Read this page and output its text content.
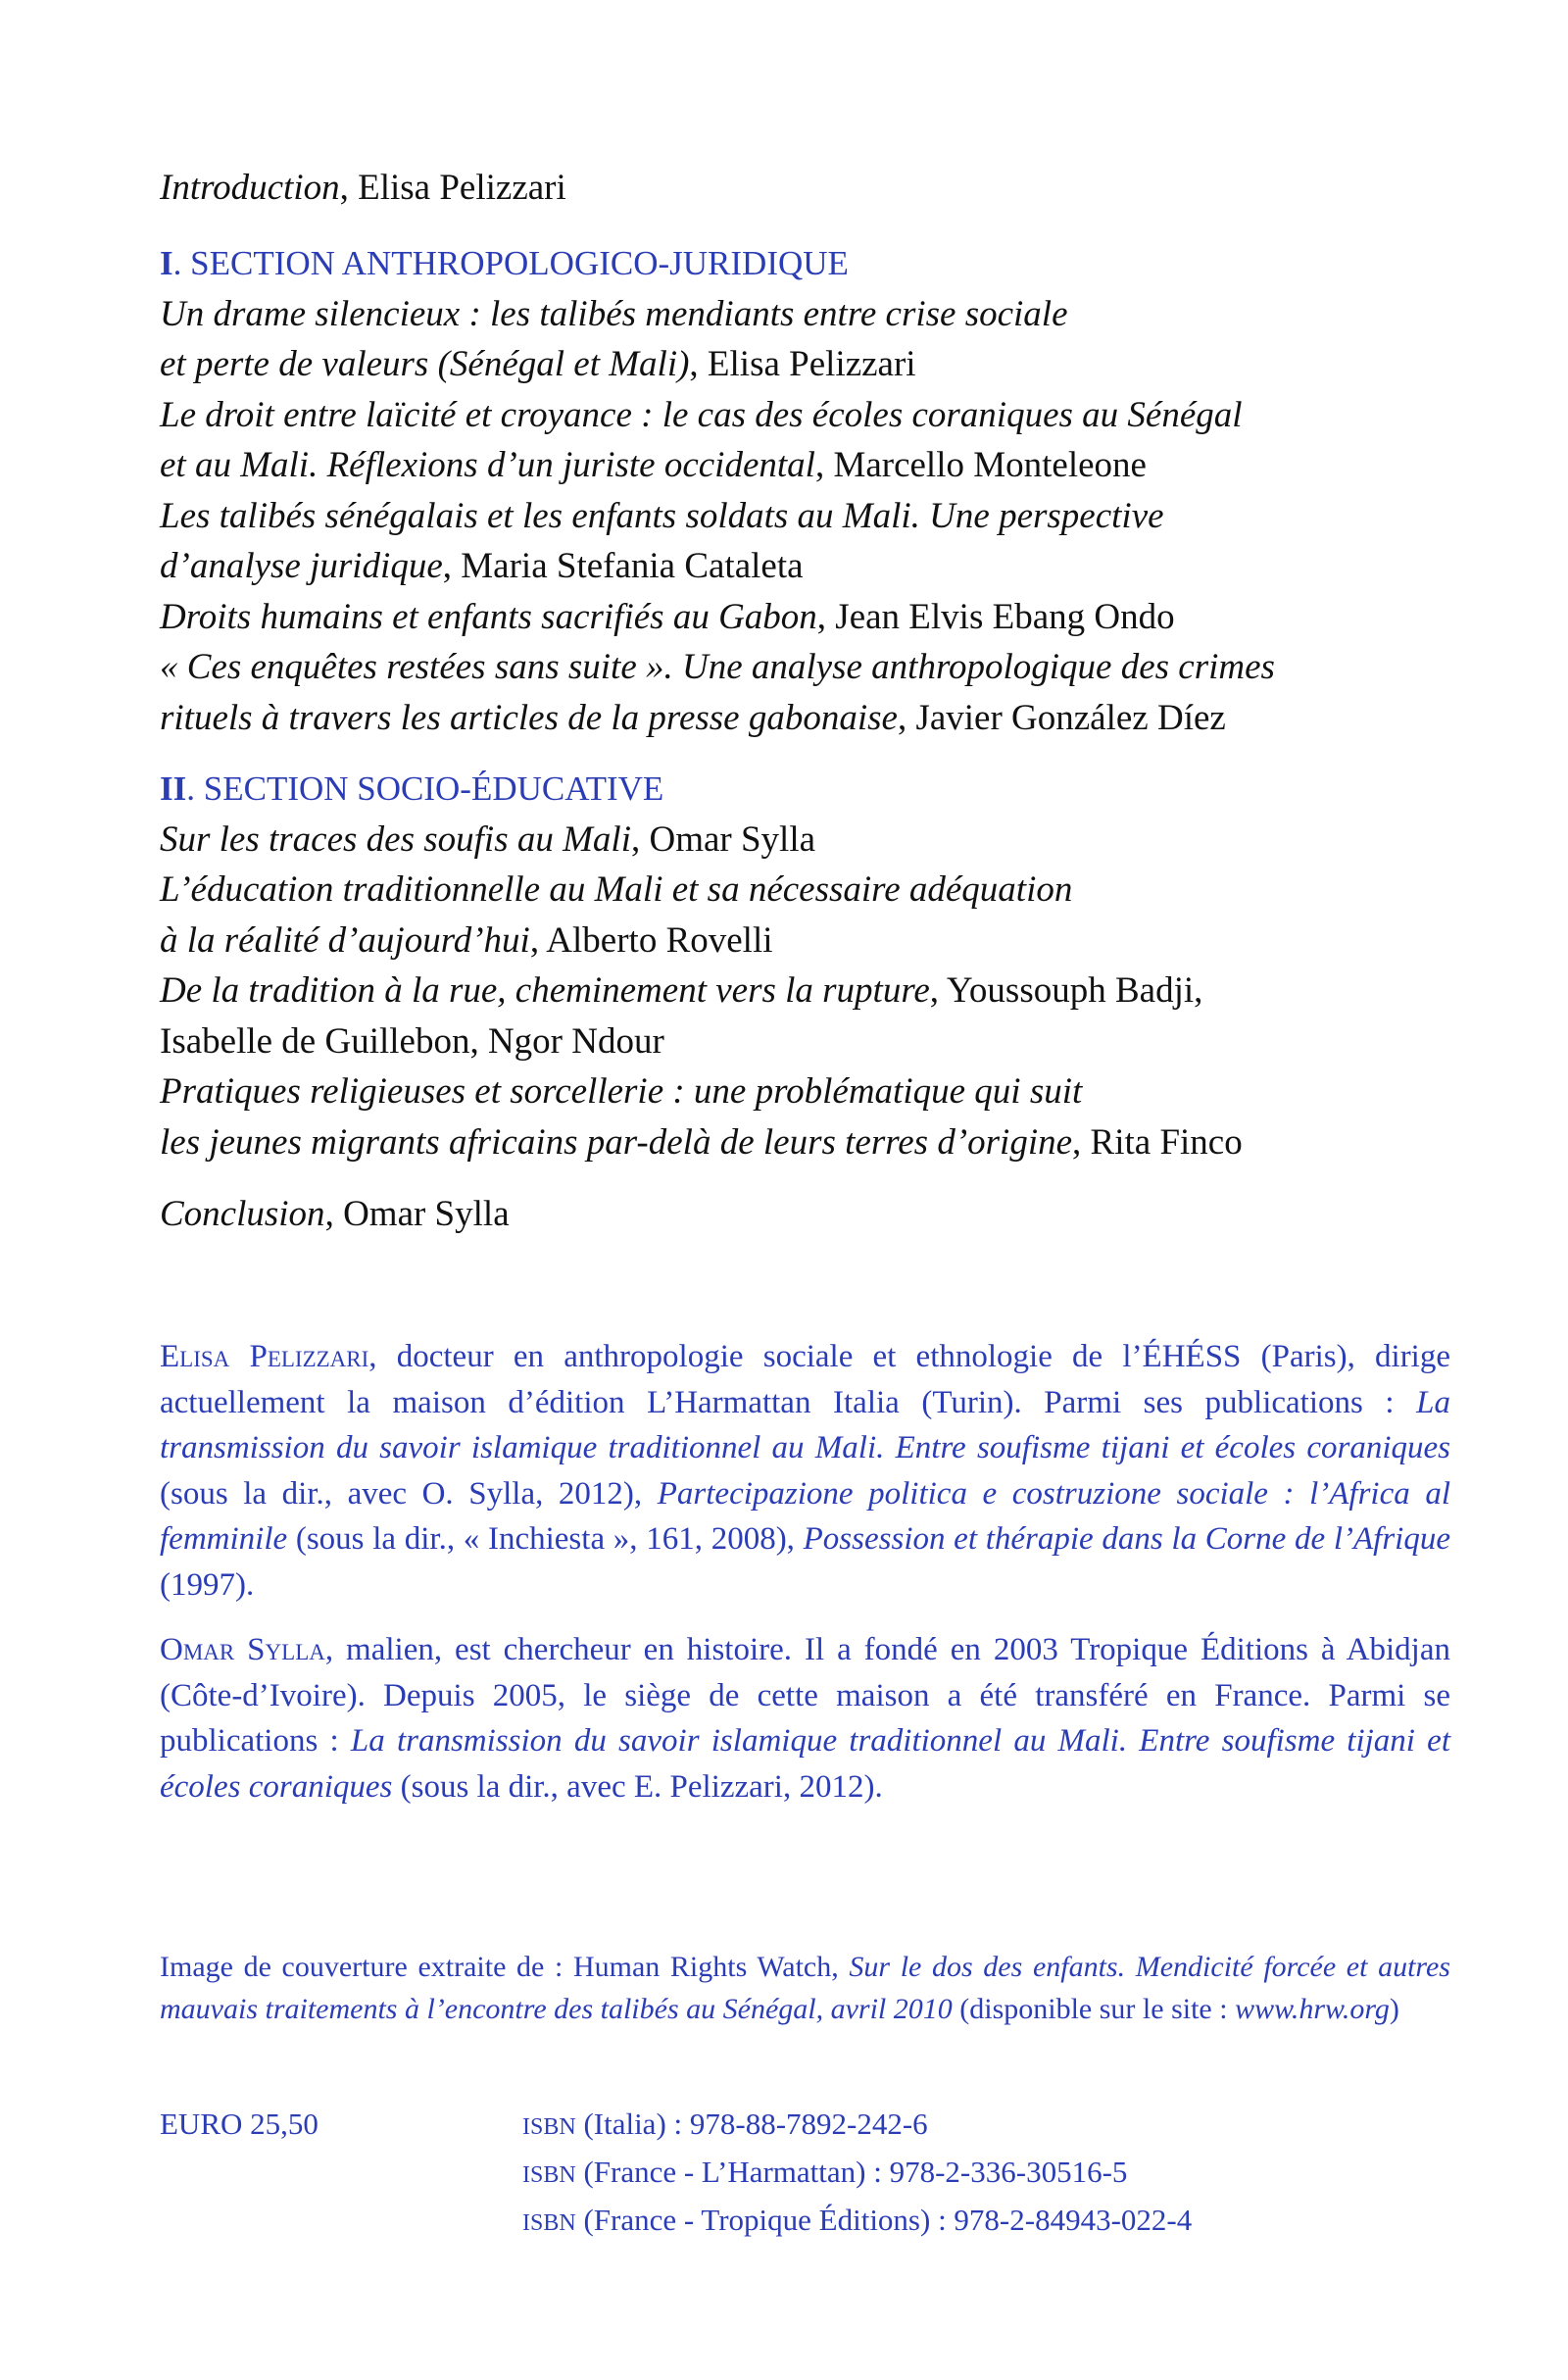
Introduction, Elisa Pelizzari
I. SECTION ANTHROPOLOGICO-JURIDIQUE
Un drame silencieux : les talibés mendiants entre crise sociale
et perte de valeurs (Sénégal et Mali), Elisa Pelizzari
Le droit entre laïcité et croyance : le cas des écoles coraniques au Sénégal
et au Mali. Réflexions d’un juriste occidental, Marcello Monteleone
Les talibés sénégalais et les enfants soldats au Mali. Une perspective
d’analyse juridique, Maria Stefania Cataleta
Droits humains et enfants sacrifiés au Gabon, Jean Elvis Ebang Ondo
« Ces enquêtes restées sans suite ». Une analyse anthropologique des crimes
rituels à travers les articles de la presse gabonaise, Javier González Díez
II. SECTION SOCIO-ÉDUCATIVE
Sur les traces des soufis au Mali, Omar Sylla
L’éducation traditionnelle au Mali et sa nécessaire adéquation
à la réalité d’aujourd’hui, Alberto Rovelli
De la tradition à la rue, cheminement vers la rupture, Youssouph Badji,
Isabelle de Guillebon, Ngor Ndour
Pratiques religieuses et sorcellerie : une problématique qui suit
les jeunes migrants africains par-delà de leurs terres d’origine, Rita Finco
Conclusion, Omar Sylla
Elisa Pelizzari, docteur en anthropologie sociale et ethnologie de l’ÉHÉSS (Paris), dirige actuellement la maison d’édition L’Harmattan Italia (Turin). Parmi ses publications : La transmission du savoir islamique traditionnel au Mali. Entre soufisme tijani et écoles coraniques (sous la dir., avec O. Sylla, 2012), Partecipazione politica e costruzione sociale : l’Africa al femminile (sous la dir., « Inchiesta », 161, 2008), Possession et thérapie dans la Corne de l’Afrique (1997).
Omar Sylla, malien, est chercheur en histoire. Il a fondé en 2003 Tropique Éditions à Abidjan (Côte-d’Ivoire). Depuis 2005, le siège de cette maison a été transféré en France. Parmi se publications : La transmission du savoir islamique traditionnel au Mali. Entre soufisme tijani et écoles coraniques (sous la dir., avec E. Pelizzari, 2012).
Image de couverture extraite de : Human Rights Watch, Sur le dos des enfants. Mendicité forcée et autres mauvais traitements à l’encontre des talibés au Sénégal, avril 2010 (disponible sur le site : www.hrw.org)
EURO 25,50	ISBN (Italia) : 978-88-7892-242-6
ISBN (France - L’Harmattan) : 978-2-336-30516-5
ISBN (France - Tropique Éditions) : 978-2-84943-022-4
